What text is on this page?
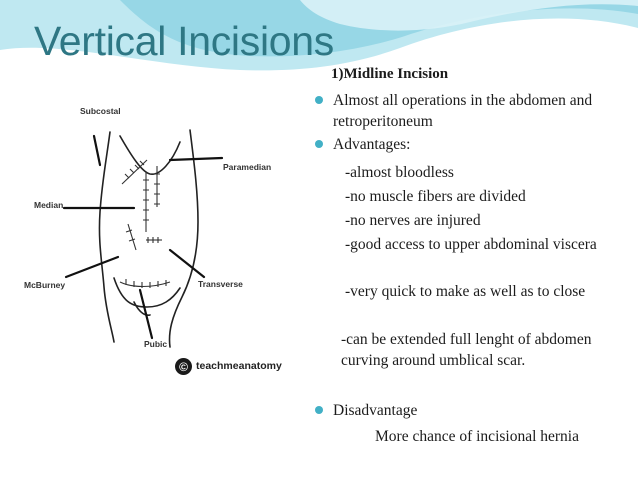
Vertical Incisions
Subcostal
Paramedian
Median
McBurney	Transverse
Pubic
© teachmeanatomy
1)Midline Incision
Almost all operations in the abdomen and retroperitoneum
Advantages:
-almost bloodless
-no muscle fibers are divided
-no nerves are injured
-good access to upper abdominal viscera
-very quick to make as well as to close
-can be extended full lenght of abdomen curving around umblical scar.
Disadvantage
More chance of incisional hernia
